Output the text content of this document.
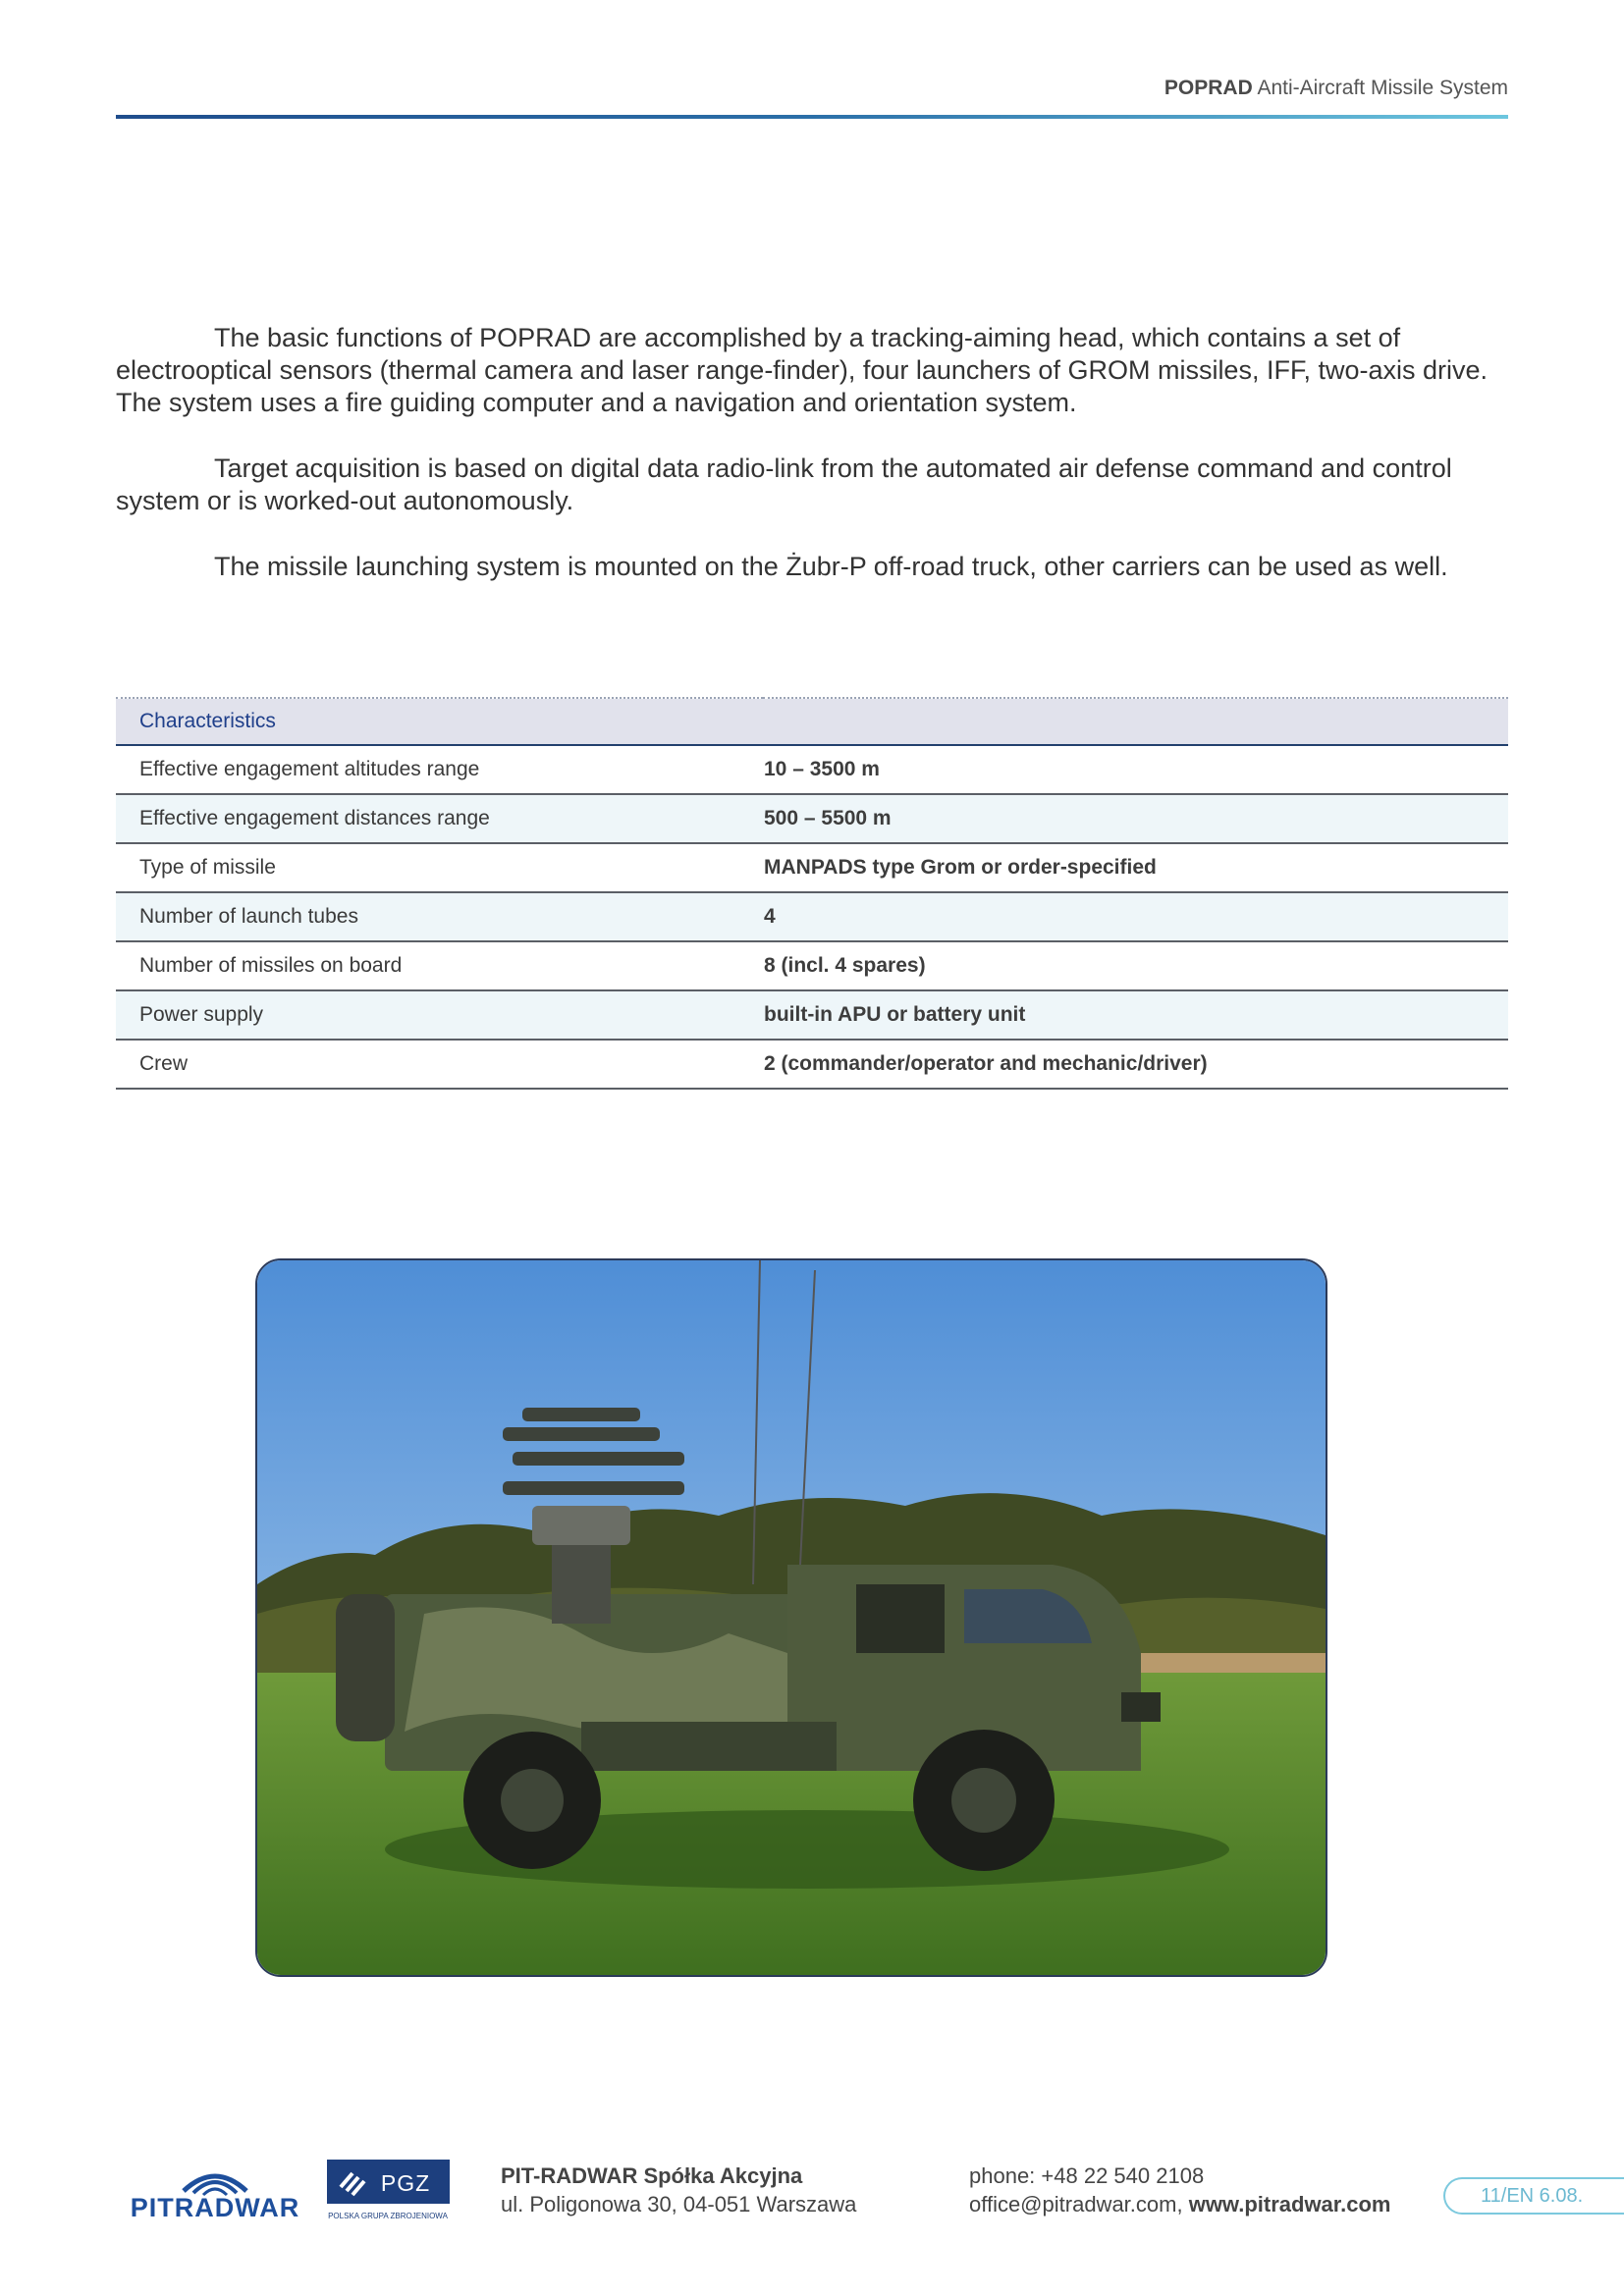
POPRAD Anti-Aircraft Missile System

The basic functions of POPRAD are accomplished by a tracking-aiming head, which contains a set of electrooptical sensors (thermal camera and laser range-finder), four launchers of GROM missiles, IFF, two-axis drive. The system uses a fire guiding computer and a navigation and orientation system.

Target acquisition is based on digital data radio-link from the automated air defense command and control system or is worked-out autonomously.

The missile launching system is mounted on the Żubr-P off-road truck, other carriers can be used as well.

Characteristics	
Effective engagement altitudes range	10 – 3500 m
Effective engagement distances range	500 – 5500 m
Type of missile	MANPADS type Grom or order-specified
Number of launch tubes	4
Number of missiles on board	8 (incl. 4 spares)
Power supply	built-in APU or battery unit
Crew	2 (commander/operator and mechanic/driver)
PITRADWAR
PGZ
POLSKA GRUPA ZBROJENIOWA
PIT-RADWAR Spółka Akcyjna
ul. Poligonowa 30, 04-051 Warszawa
phone: +48 22 540 2108
office@pitradwar.com, www.pitradwar.com	11/EN 6.08.
